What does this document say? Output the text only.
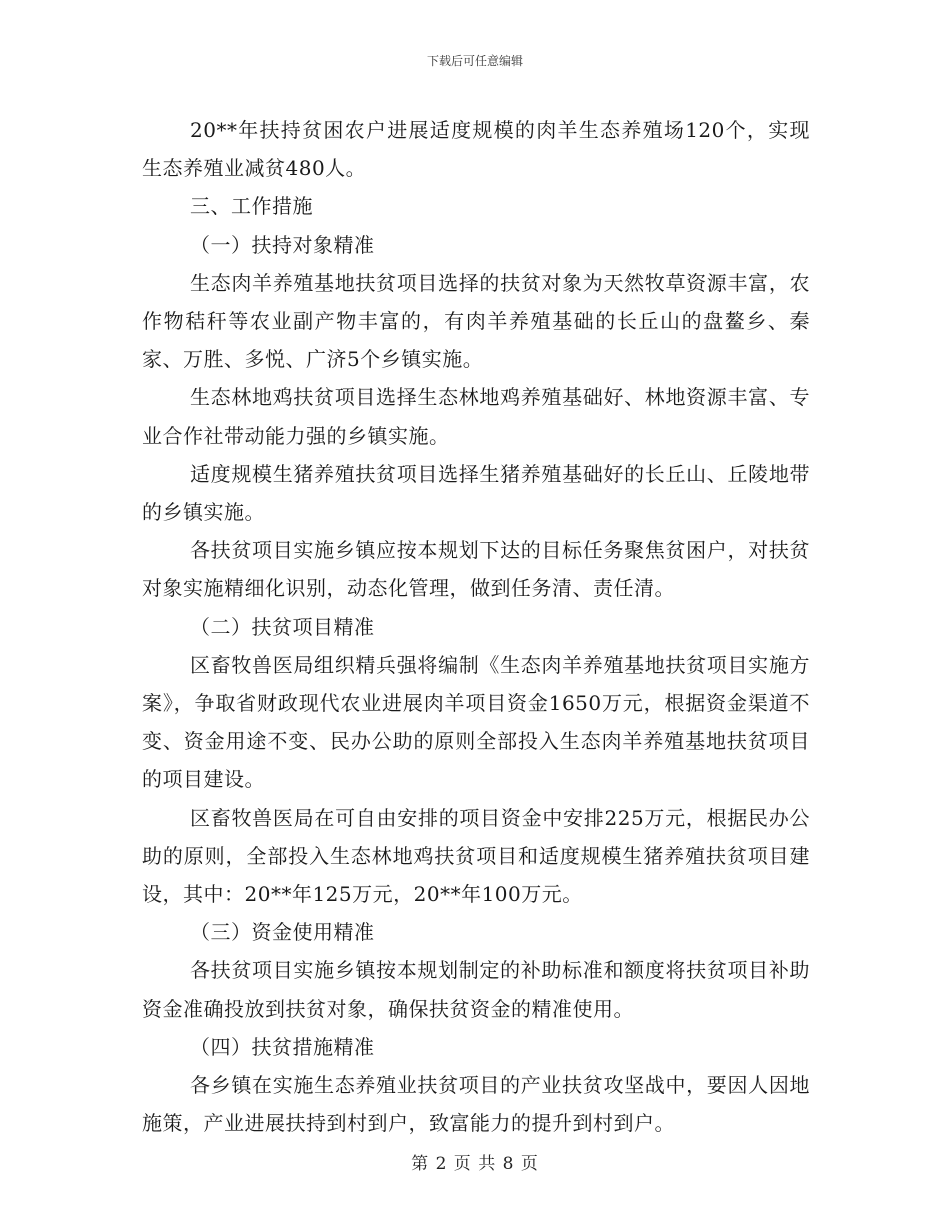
下载后可任意编辑

20**年扶持贫困农户进展适度规模的肉羊生态养殖场120个，实现生态养殖业减贫480人。

三、工作措施

（一）扶持对象精准

生态肉羊养殖基地扶贫项目选择的扶贫对象为天然牧草资源丰富，农作物秸秆等农业副产物丰富的，有肉羊养殖基础的长丘山的盘鳌乡、秦家、万胜、多悦、广济5个乡镇实施。

生态林地鸡扶贫项目选择生态林地鸡养殖基础好、林地资源丰富、专业合作社带动能力强的乡镇实施。

适度规模生猪养殖扶贫项目选择生猪养殖基础好的长丘山、丘陵地带的乡镇实施。

各扶贫项目实施乡镇应按本规划下达的目标任务聚焦贫困户，对扶贫对象实施精细化识别，动态化管理，做到任务清、责任清。

（二）扶贫项目精准

区畜牧兽医局组织精兵强将编制《生态肉羊养殖基地扶贫项目实施方案》，争取省财政现代农业进展肉羊项目资金1650万元，根据资金渠道不变、资金用途不变、民办公助的原则全部投入生态肉羊养殖基地扶贫项目的项目建设。

区畜牧兽医局在可自由安排的项目资金中安排225万元，根据民办公助的原则，全部投入生态林地鸡扶贫项目和适度规模生猪养殖扶贫项目建设，其中：20**年125万元，20**年100万元。

（三）资金使用精准

各扶贫项目实施乡镇按本规划制定的补助标准和额度将扶贫项目补助资金准确投放到扶贫对象，确保扶贫资金的精准使用。

（四）扶贫措施精准

各乡镇在实施生态养殖业扶贫项目的产业扶贫攻坚战中，要因人因地施策，产业进展扶持到村到户，致富能力的提升到村到户。

第 2 页 共 8 页
